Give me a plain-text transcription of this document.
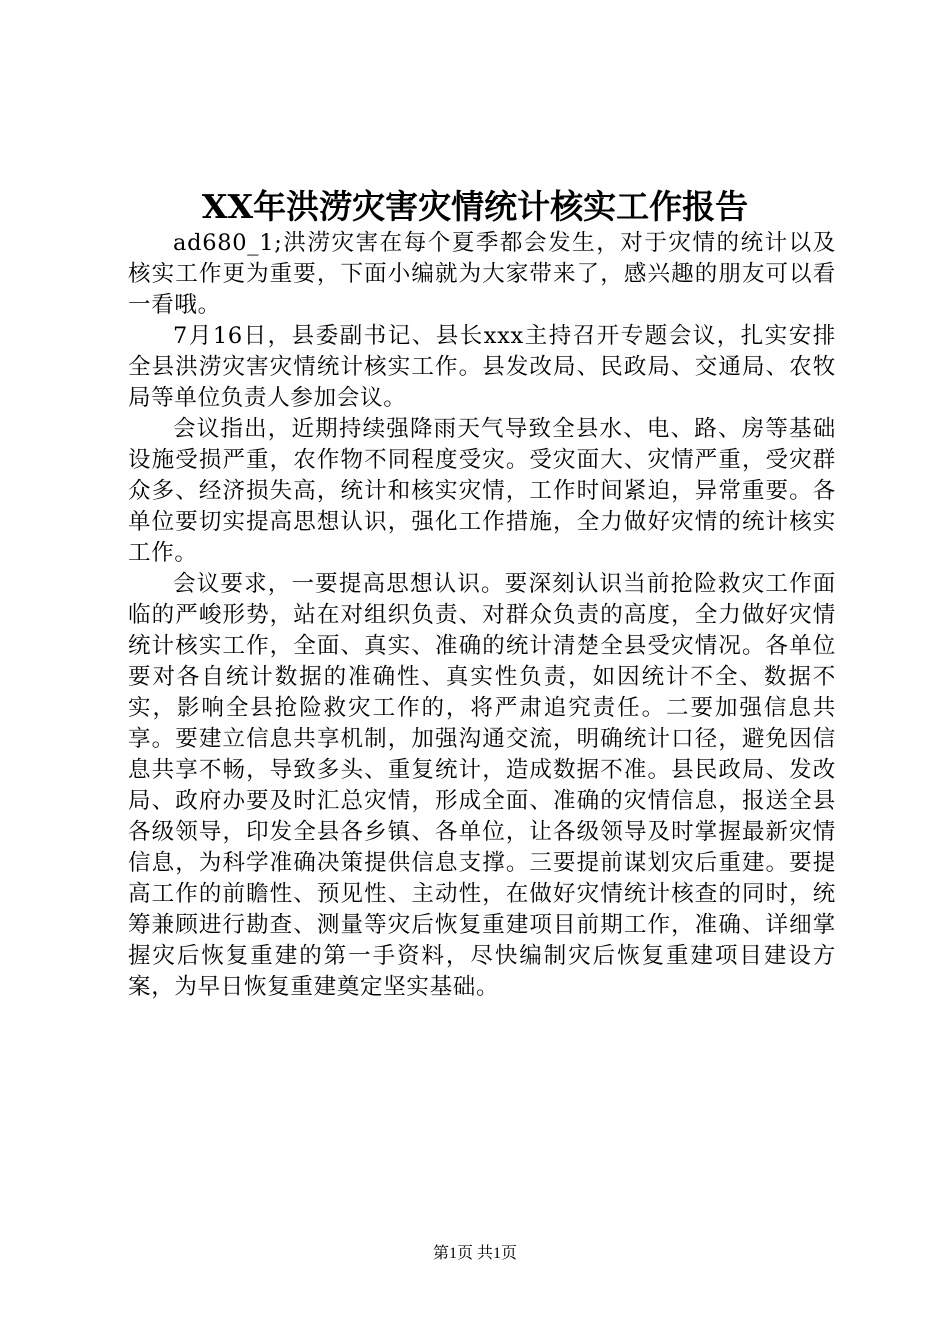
XX年洪涝灾害灾情统计核实工作报告

ad680_1;洪涝灾害在每个夏季都会发生，对于灾情的统计以及核实工作更为重要，下面小编就为大家带来了，感兴趣的朋友可以看一看哦。

7月16日，县委副书记、县长xxx主持召开专题会议，扎实安排全县洪涝灾害灾情统计核实工作。县发改局、民政局、交通局、农牧局等单位负责人参加会议。

会议指出，近期持续强降雨天气导致全县水、电、路、房等基础设施受损严重，农作物不同程度受灾。受灾面大、灾情严重，受灾群众多、经济损失高，统计和核实灾情，工作时间紧迫，异常重要。各单位要切实提高思想认识，强化工作措施，全力做好灾情的统计核实工作。

会议要求，一要提高思想认识。要深刻认识当前抢险救灾工作面临的严峻形势，站在对组织负责、对群众负责的高度，全力做好灾情统计核实工作，全面、真实、准确的统计清楚全县受灾情况。各单位要对各自统计数据的准确性、真实性负责，如因统计不全、数据不实，影响全县抢险救灾工作的，将严肃追究责任。二要加强信息共享。要建立信息共享机制，加强沟通交流，明确统计口径，避免因信息共享不畅，导致多头、重复统计，造成数据不准。县民政局、发改局、政府办要及时汇总灾情，形成全面、准确的灾情信息，报送全县各级领导，印发全县各乡镇、各单位，让各级领导及时掌握最新灾情信息，为科学准确决策提供信息支撑。三要提前谋划灾后重建。要提高工作的前瞻性、预见性、主动性，在做好灾情统计核查的同时，统筹兼顾进行勘查、测量等灾后恢复重建项目前期工作，准确、详细掌握灾后恢复重建的第一手资料，尽快编制灾后恢复重建项目建设方案，为早日恢复重建奠定坚实基础。

第1页 共1页
